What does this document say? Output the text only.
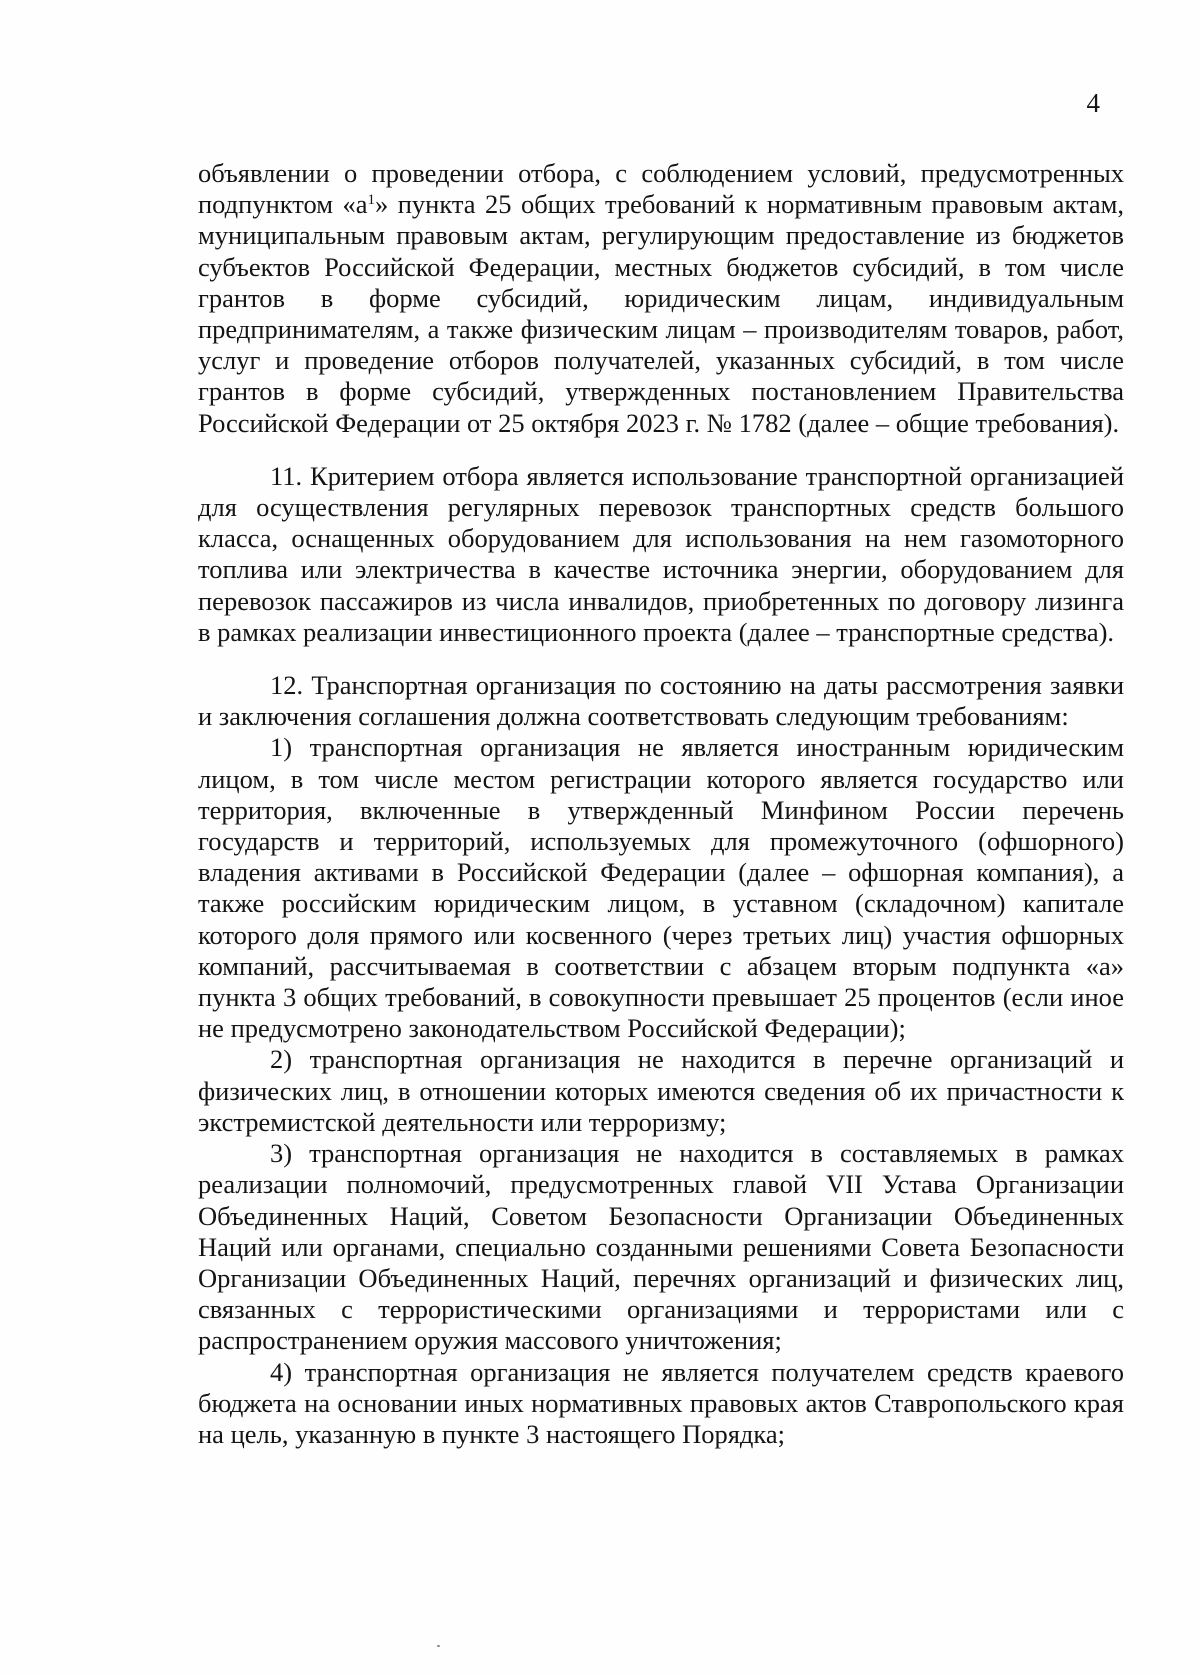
4

объявлении о проведении отбора, с соблюдением условий, предусмотренных подпунктом «$а^1$» пункта 25 общих требований к нормативным правовым актам, муниципальным правовым актам, регулирующим предоставление из бюджетов субъектов Российской Федерации, местных бюджетов субсидий, в том числе грантов в форме субсидий, юридическим лицам, индивидуальным предпринимателям, а также физическим лицам – производителям товаров, работ, услуг и проведение отборов получателей, указанных субсидий, в том числе грантов в форме субсидий, утвержденных постановлением Правительства Российской Федерации от 25 октября 2023 г. № 1782 (далее – общие требования).

11. Критерием отбора является использование транспортной организацией для осуществления регулярных перевозок транспортных средств большого класса, оснащенных оборудованием для использования на нем газомоторного топлива или электричества в качестве источника энергии, оборудованием для перевозок пассажиров из числа инвалидов, приобретенных по договору лизинга в рамках реализации инвестиционного проекта (далее – транспортные средства).

12. Транспортная организация по состоянию на даты рассмотрения заявки и заключения соглашения должна соответствовать следующим требованиям:

1) транспортная организация не является иностранным юридическим лицом, в том числе местом регистрации которого является государство или территория, включенные в утвержденный Минфином России перечень государств и территорий, используемых для промежуточного (офшорного) владения активами в Российской Федерации (далее – офшорная компания), а также российским юридическим лицом, в уставном (складочном) капитале которого доля прямого или косвенного (через третьих лиц) участия офшорных компаний, рассчитываемая в соответствии с абзацем вторым подпункта «а» пункта 3 общих требований, в совокупности превышает 25 процентов (если иное не предусмотрено законодательством Российской Федерации);

2) транспортная организация не находится в перечне организаций и физических лиц, в отношении которых имеются сведения об их причастности к экстремистской деятельности или терроризму;

3) транспортная организация не находится в составляемых в рамках реализации полномочий, предусмотренных главой VII Устава Организации Объединенных Наций, Советом Безопасности Организации Объединенных Наций или органами, специально созданными решениями Совета Безопасности Организации Объединенных Наций, перечнях организаций и физических лиц, связанных с террористическими организациями и террористами или с распространением оружия массового уничтожения;

4) транспортная организация не является получателем средств краевого бюджета на основании иных нормативных правовых актов Ставропольского края на цель, указанную в пункте 3 настоящего Порядка;
